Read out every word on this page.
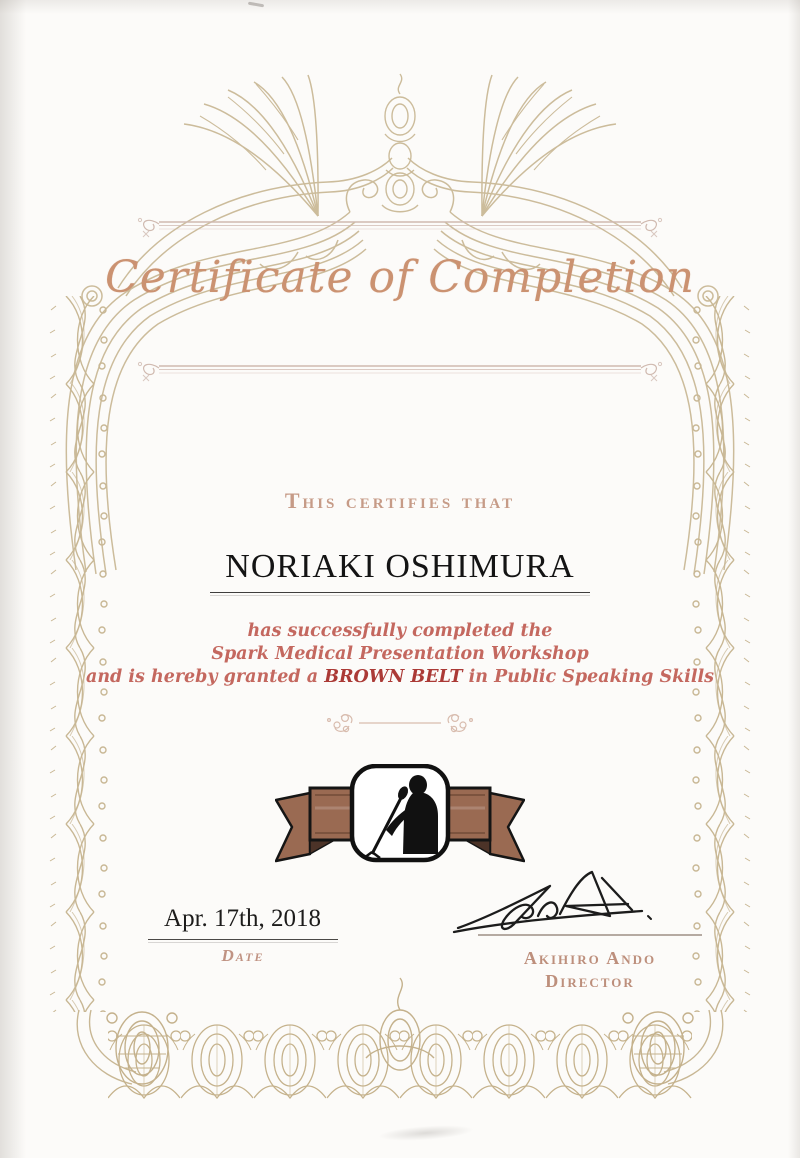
Certificate of Completion
This certifies that
NORIAKI OSHIMURA
has successfully completed the
Spark Medical Presentation Workshop
and is hereby granted a BROWN BELT in Public Speaking Skills
Apr. 17th, 2018
Date	Akihiro Ando
Director
